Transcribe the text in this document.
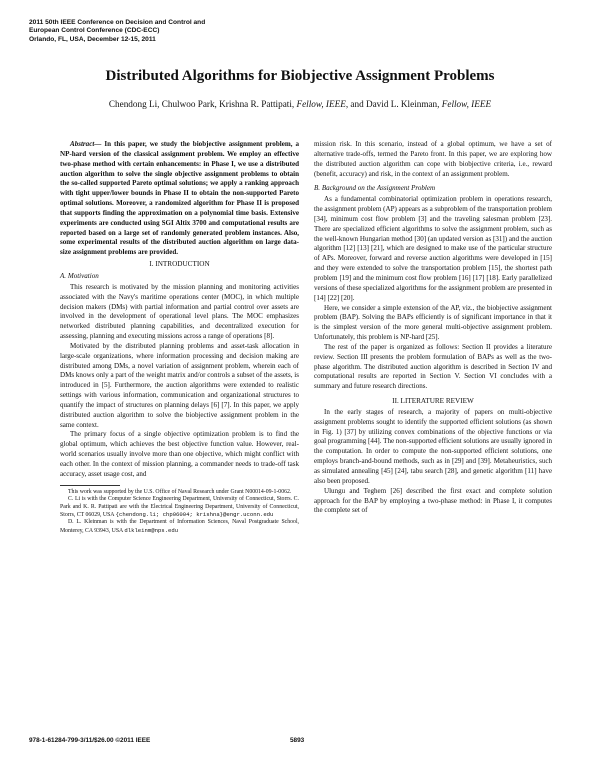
2011 50th IEEE Conference on Decision and Control and
European Control Conference (CDC-ECC)
Orlando, FL, USA, December 12-15, 2011
Distributed Algorithms for Biobjective Assignment Problems
Chendong Li, Chulwoo Park, Krishna R. Pattipati, Fellow, IEEE, and David L. Kleinman, Fellow, IEEE

Abstract— In this paper, we study the biobjective assignment problem, a NP-hard version of the classical assignment problem. We employ an effective two-phase method with certain enhancements: in Phase I, we use a distributed auction algorithm to solve the single objective assignment problems to obtain the so-called supported Pareto optimal solutions; we apply a ranking approach with tight upper/lower bounds in Phase II to obtain the non-supported Pareto optimal solutions. Moreover, a randomized algorithm for Phase II is proposed that supports finding the approximation on a polynomial time basis. Extensive experiments are conducted using SGI Altix 3700 and computational results are reported based on a large set of randomly generated problem instances. Also, some experimental results of the distributed auction algorithm on large data-size assignment problems are provided.

I. INTRODUCTION
A. Motivation

This research is motivated by the mission planning and monitoring activities associated with the Navy's maritime operations center (MOC), in which multiple decision makers (DMs) with partial information and partial control over assets are involved in the development of operational level plans. The MOC emphasizes networked distributed planning capabilities, and decentralized execution for assessing, planning and executing missions across a range of operations [8].

Motivated by the distributed planning problems and asset-task allocation in large-scale organizations, where information processing and decision making are distributed among DMs, a novel variation of assignment problem, wherein each of DMs knows only a part of the weight matrix and/or controls a subset of the assets, is introduced in [5]. Furthermore, the auction algorithms were extended to realistic settings with various information, communication and organizational structures to quantify the impact of structures on planning delays [6] [7]. In this paper, we apply distributed auction algorithm to solve the biobjective assignment problem in the same context.

The primary focus of a single objective optimization problem is to find the global optimum, which achieves the best objective function value. However, real-world scenarios usually involve more than one objective, which might conflict with each other. In the context of mission planning, a commander needs to trade-off task accuracy, asset usage cost, and

This work was supported by the U.S. Office of Naval Research under Grant N00014-09-1-0062.

C. Li is with the Computer Science Engineering Department, University of Connecticut, Storrs. C. Park and K. R. Pattipati are with the Electrical Engineering Department, University of Connecticut, Storrs, CT 06029, USA {chendong.li; chp06004; krishna}@engr.uconn.edu

D. L. Kleinman is with the Department of Information Sciences, Naval Postgraduate School, Monterey, CA 93943, USA dlkleinm@nps.edu

mission risk. In this scenario, instead of a global optimum, we have a set of alternative trade-offs, termed the Pareto front. In this paper, we are exploring how the distributed auction algorithm can cope with biobjective criteria, i.e., reward (benefit, accuracy) and risk, in the context of an assignment problem.

B. Background on the Assignment Problem

As a fundamental combinatorial optimization problem in operations research, the assignment problem (AP) appears as a subproblem of the transportation problem [34], minimum cost flow problem [3] and the traveling salesman problem [23]. There are specialized efficient algorithms to solve the assignment problem, such as the well-known Hungarian method [30] (an updated version as [31]) and the auction algorithm [12] [13] [21], which are designed to make use of the particular structure of APs. Moreover, forward and reverse auction algorithms were developed in [15] and they were extended to solve the transportation problem [15], the shortest path problem [19] and the minimum cost flow problem [16] [17] [18]. Early parallelized versions of these specialized algorithms for the assignment problem are presented in [14] [22] [20].

Here, we consider a simple extension of the AP, viz., the biobjective assignment problem (BAP). Solving the BAPs efficiently is of significant importance in that it is the simplest version of the more general multi-objective assignment problem. Unfortunately, this problem is NP-hard [25].

The rest of the paper is organized as follows: Section II provides a literature review. Section III presents the problem formulation of BAPs as well as the two-phase algorithm. The distributed auction algorithm is described in Section IV and computational results are reported in Section V. Section VI concludes with a summary and future research directions.

II. LITERATURE REVIEW

In the early stages of research, a majority of papers on multi-objective assignment problems sought to identify the supported efficient solutions (as shown in Fig. 1) [37] by utilizing convex combinations of the objective functions or via goal programming [44]. The non-supported efficient solutions are usually ignored in the computation. In order to compute the non-supported efficient solutions, one employs branch-and-bound methods, such as in [29] and [39]. Metaheuristics, such as simulated annealing [45] [24], tabu search [28], and genetic algorithm [11] have also been proposed.

Ulungu and Teghem [26] described the first exact and complete solution approach for the BAP by employing a two-phase method: in Phase I, it computes the complete set of

978-1-61284-799-3/11/$26.00 ©2011 IEEE	5893
